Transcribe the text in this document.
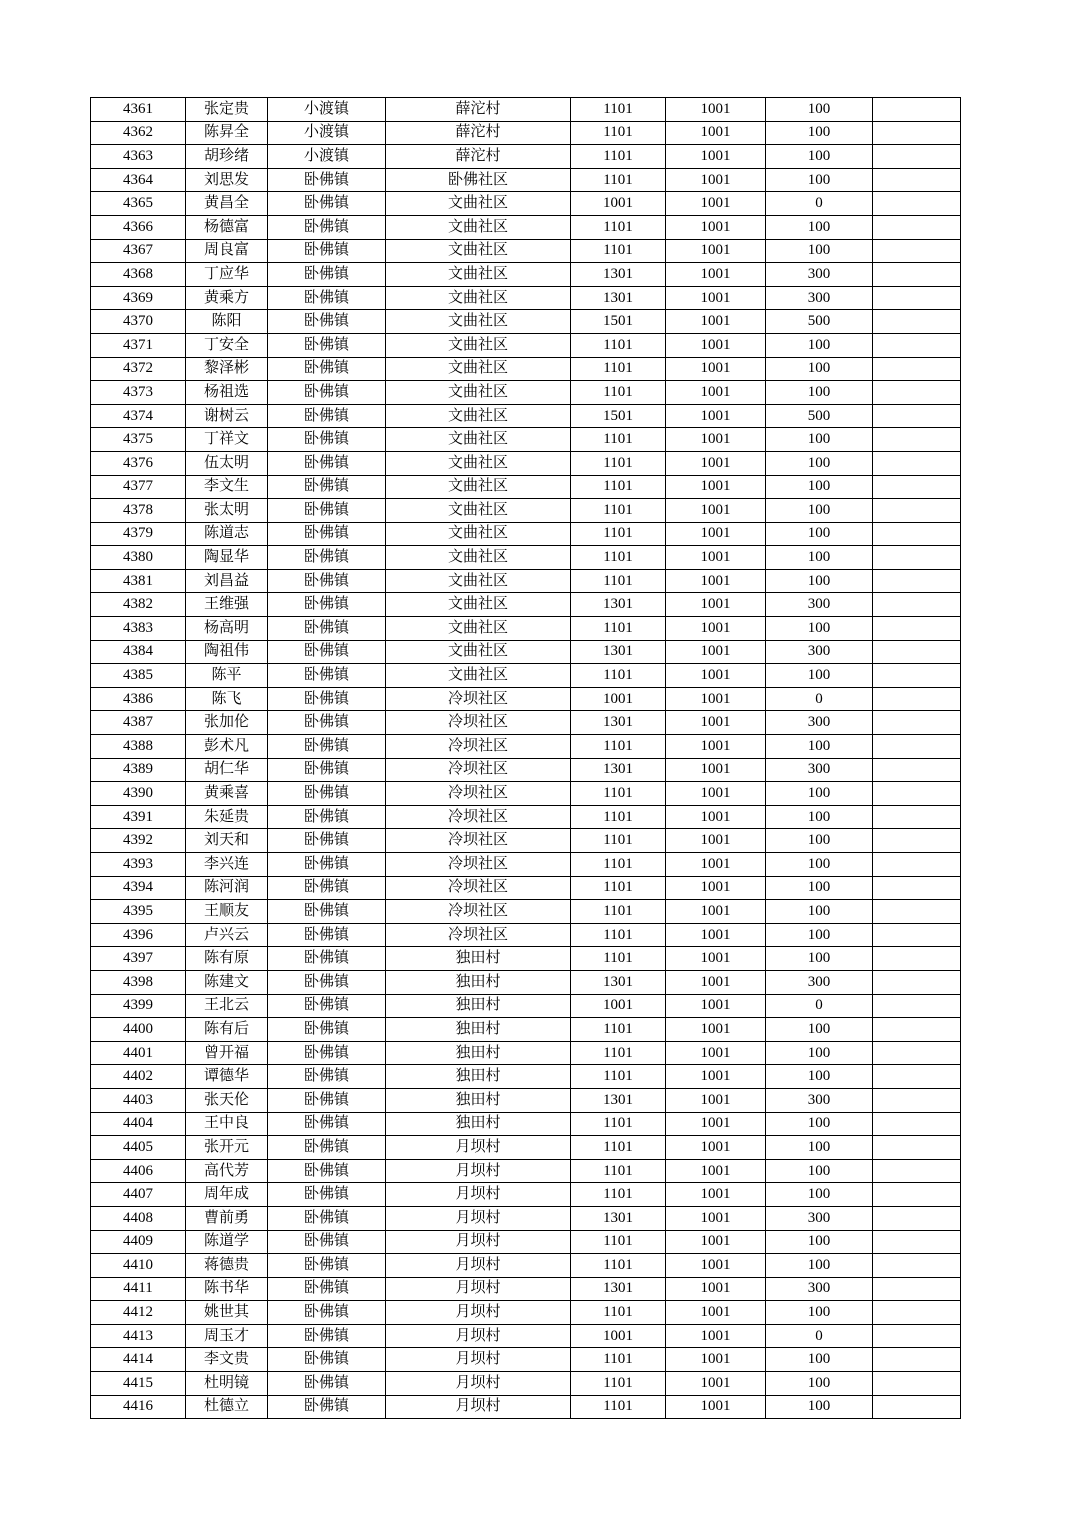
4361	张定贵	小渡镇	薛沱村	1101	1001	100	
4362	陈昇全	小渡镇	薛沱村	1101	1001	100	
4363	胡珍绪	小渡镇	薛沱村	1101	1001	100	
4364	刘思发	卧佛镇	卧佛社区	1101	1001	100	
4365	黄昌全	卧佛镇	文曲社区	1001	1001	0	
4366	杨德富	卧佛镇	文曲社区	1101	1001	100	
4367	周良富	卧佛镇	文曲社区	1101	1001	100	
4368	丁应华	卧佛镇	文曲社区	1301	1001	300	
4369	黄乘方	卧佛镇	文曲社区	1301	1001	300	
4370	陈阳	卧佛镇	文曲社区	1501	1001	500	
4371	丁安全	卧佛镇	文曲社区	1101	1001	100	
4372	黎泽彬	卧佛镇	文曲社区	1101	1001	100	
4373	杨祖选	卧佛镇	文曲社区	1101	1001	100	
4374	谢树云	卧佛镇	文曲社区	1501	1001	500	
4375	丁祥文	卧佛镇	文曲社区	1101	1001	100	
4376	伍太明	卧佛镇	文曲社区	1101	1001	100	
4377	李文生	卧佛镇	文曲社区	1101	1001	100	
4378	张太明	卧佛镇	文曲社区	1101	1001	100	
4379	陈道志	卧佛镇	文曲社区	1101	1001	100	
4380	陶显华	卧佛镇	文曲社区	1101	1001	100	
4381	刘昌益	卧佛镇	文曲社区	1101	1001	100	
4382	王维强	卧佛镇	文曲社区	1301	1001	300	
4383	杨高明	卧佛镇	文曲社区	1101	1001	100	
4384	陶祖伟	卧佛镇	文曲社区	1301	1001	300	
4385	陈平	卧佛镇	文曲社区	1101	1001	100	
4386	陈飞	卧佛镇	冷坝社区	1001	1001	0	
4387	张加伦	卧佛镇	冷坝社区	1301	1001	300	
4388	彭术凡	卧佛镇	冷坝社区	1101	1001	100	
4389	胡仁华	卧佛镇	冷坝社区	1301	1001	300	
4390	黄乘喜	卧佛镇	冷坝社区	1101	1001	100	
4391	朱延贵	卧佛镇	冷坝社区	1101	1001	100	
4392	刘天和	卧佛镇	冷坝社区	1101	1001	100	
4393	李兴连	卧佛镇	冷坝社区	1101	1001	100	
4394	陈河润	卧佛镇	冷坝社区	1101	1001	100	
4395	王顺友	卧佛镇	冷坝社区	1101	1001	100	
4396	卢兴云	卧佛镇	冷坝社区	1101	1001	100	
4397	陈有原	卧佛镇	独田村	1101	1001	100	
4398	陈建文	卧佛镇	独田村	1301	1001	300	
4399	王北云	卧佛镇	独田村	1001	1001	0	
4400	陈有后	卧佛镇	独田村	1101	1001	100	
4401	曾开福	卧佛镇	独田村	1101	1001	100	
4402	谭德华	卧佛镇	独田村	1101	1001	100	
4403	张天伦	卧佛镇	独田村	1301	1001	300	
4404	王中良	卧佛镇	独田村	1101	1001	100	
4405	张开元	卧佛镇	月坝村	1101	1001	100	
4406	高代芳	卧佛镇	月坝村	1101	1001	100	
4407	周年成	卧佛镇	月坝村	1101	1001	100	
4408	曹前勇	卧佛镇	月坝村	1301	1001	300	
4409	陈道学	卧佛镇	月坝村	1101	1001	100	
4410	蒋德贵	卧佛镇	月坝村	1101	1001	100	
4411	陈书华	卧佛镇	月坝村	1301	1001	300	
4412	姚世其	卧佛镇	月坝村	1101	1001	100	
4413	周玉才	卧佛镇	月坝村	1001	1001	0	
4414	李文贵	卧佛镇	月坝村	1101	1001	100	
4415	杜明镜	卧佛镇	月坝村	1101	1001	100	
4416	杜德立	卧佛镇	月坝村	1101	1001	100	
